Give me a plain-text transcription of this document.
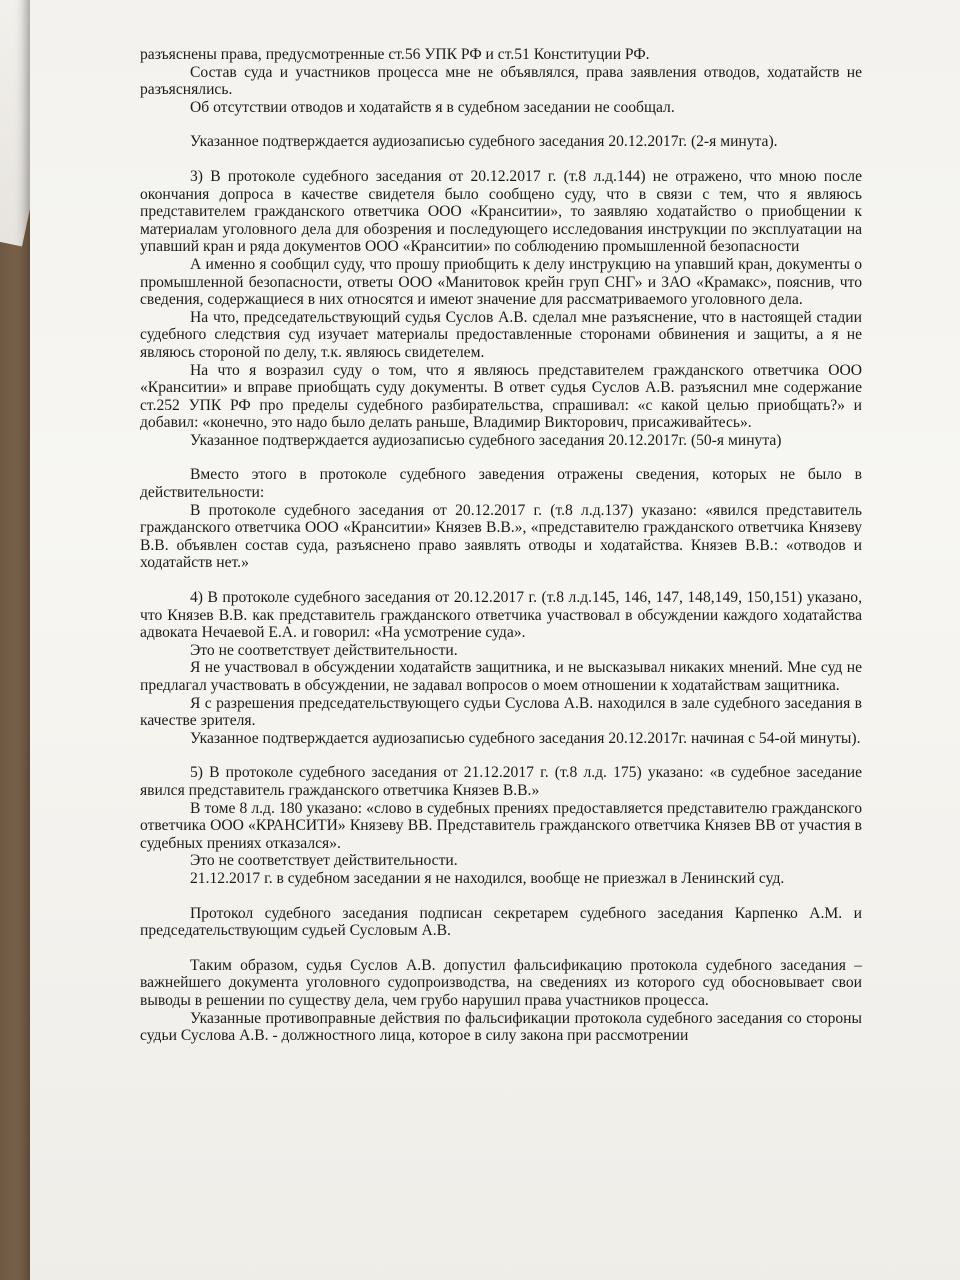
разъяснены права, предусмотренные ст.56 УПК РФ и ст.51 Конституции РФ.

Состав суда и участников процесса мне не объявлялся, права заявления отводов, ходатайств не разъяснялись.

Об отсутствии отводов и ходатайств я в судебном заседании не сообщал.

Указанное подтверждается аудиозаписью судебного заседания 20.12.2017г. (2-я минута).

3) В протоколе судебного заседания от 20.12.2017 г. (т.8 л.д.144) не отражено, что мною после окончания допроса в качестве свидетеля было сообщено суду, что в связи с тем, что я являюсь представителем гражданского ответчика ООО «Кранситии», то заявляю ходатайство о приобщении к материалам уголовного дела для обозрения и последующего исследования инструкции по эксплуатации на упавший кран и ряда документов ООО «Кранситии» по соблюдению промышленной безопасности

А именно я сообщил суду, что прошу приобщить к делу инструкцию на упавший кран, документы о промышленной безопасности, ответы ООО «Манитовок крейн груп СНГ» и ЗАО «Крамакс», пояснив, что сведения, содержащиеся в них относятся и имеют значение для рассматриваемого уголовного дела.

На что, председательствующий судья Суслов А.В. сделал мне разъяснение, что в настоящей стадии судебного следствия суд изучает материалы предоставленные сторонами обвинения и защиты, а я не являюсь стороной по делу, т.к. являюсь свидетелем.

На что я возразил суду о том, что я являюсь представителем гражданского ответчика ООО «Кранситии» и вправе приобщать суду документы. В ответ судья Суслов А.В. разъяснил мне содержание ст.252 УПК РФ про пределы судебного разбирательства, спрашивал: «с какой целью приобщать?» и добавил: «конечно, это надо было делать раньше, Владимир Викторович, присаживайтесь».

Указанное подтверждается аудиозаписью судебного заседания 20.12.2017г. (50-я минута)

Вместо этого в протоколе судебного заведения отражены сведения, которых не было в действительности:

В протоколе судебного заседания от 20.12.2017 г. (т.8 л.д.137) указано: «явился представитель гражданского ответчика ООО «Кранситии» Князев В.В.», «представителю гражданского ответчика Князеву В.В. объявлен состав суда, разъяснено право заявлять отводы и ходатайства. Князев В.В.: «отводов и ходатайств нет.»

4) В протоколе судебного заседания от 20.12.2017 г. (т.8 л.д.145, 146, 147, 148,149, 150,151) указано, что Князев В.В. как представитель гражданского ответчика участвовал в обсуждении каждого ходатайства адвоката Нечаевой Е.А. и говорил: «На усмотрение суда».

Это не соответствует действительности.

Я не участвовал в обсуждении ходатайств защитника, и не высказывал никаких мнений. Мне суд не предлагал участвовать в обсуждении, не задавал вопросов о моем отношении к ходатайствам защитника.

Я с разрешения председательствующего судьи Суслова А.В. находился в зале судебного заседания в качестве зрителя.

Указанное подтверждается аудиозаписью судебного заседания 20.12.2017г. начиная с 54-ой минуты).

5) В протоколе судебного заседания от 21.12.2017 г. (т.8 л.д. 175) указано: «в судебное заседание явился представитель гражданского ответчика Князев В.В.»

В томе 8 л.д. 180 указано: «слово в судебных прениях предоставляется представителю гражданского ответчика ООО «КРАНСИТИ» Князеву ВВ. Представитель гражданского ответчика Князев ВВ от участия в судебных прениях отказался».

Это не соответствует действительности.

21.12.2017 г. в судебном заседании я не находился, вообще не приезжал в Ленинский суд.

Протокол судебного заседания подписан секретарем судебного заседания Карпенко А.М. и председательствующим судьей Сусловым А.В.

Таким образом, судья Суслов А.В. допустил фальсификацию протокола судебного заседания – важнейшего документа уголовного судопроизводства, на сведениях из которого суд обосновывает свои выводы в решении по существу дела, чем грубо нарушил права участников процесса.

Указанные противоправные действия по фальсификации протокола судебного заседания со стороны судьи Суслова А.В. - должностного лица, которое в силу закона при рассмотрении
